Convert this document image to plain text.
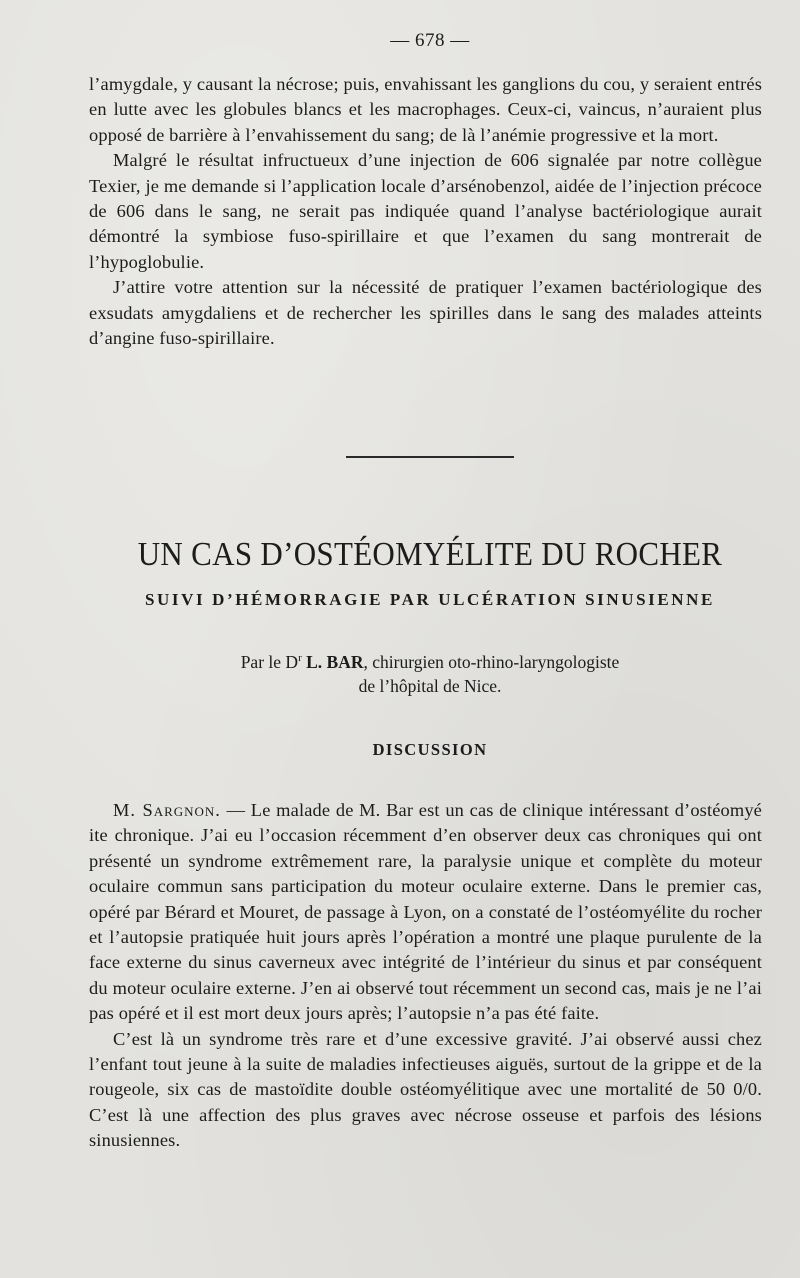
— 678 —

l’amygdale, y causant la nécrose; puis, envahissant les ganglions du cou, y seraient entrés en lutte avec les globules blancs et les macrophages. Ceux-ci, vaincus, n’auraient plus opposé de barrière à l’envahissement du sang; de là l’anémie progressive et la mort.

Malgré le résultat infructueux d’une injection de 606 signalée par notre collègue Texier, je me demande si l’application locale d’arsénobenzol, aidée de l’injection précoce de 606 dans le sang, ne serait pas indiquée quand l’analyse bactériologique aurait démontré la symbiose fuso-spirillaire et que l’examen du sang montrerait de l’hypoglobulie.

J’attire votre attention sur la nécessité de pratiquer l’examen bactériologique des exsudats amygdaliens et de rechercher les spirilles dans le sang des malades atteints d’angine fuso-spirillaire.

UN CAS D’OSTÉOMYÉLITE DU ROCHER
SUIVI D’HÉMORRAGIE PAR ULCÉRATION SINUSIENNE
Par le $D^r$ L. BAR, chirurgien oto-rhino-laryngologiste
de l’hôpital de Nice.
DISCUSSION

M. Sargnon. — Le malade de M. Bar est un cas de clinique intéressant d’ostéomyé ite chronique. J’ai eu l’occasion récemment d’en observer deux cas chroniques qui ont présenté un syndrome extrêmement rare, la paralysie unique et complète du moteur oculaire commun sans participation du moteur oculaire externe. Dans le premier cas, opéré par Bérard et Mouret, de passage à Lyon, on a constaté de l’ostéomyélite du rocher et l’autopsie pratiquée huit jours après l’opération a montré une plaque purulente de la face externe du sinus caverneux avec intégrité de l’intérieur du sinus et par conséquent du moteur oculaire externe. J’en ai observé tout récemment un second cas, mais je ne l’ai pas opéré et il est mort deux jours après; l’autopsie n’a pas été faite.

C’est là un syndrome très rare et d’une excessive gravité. J’ai observé aussi chez l’enfant tout jeune à la suite de maladies infectieuses aiguës, surtout de la grippe et de la rougeole, six cas de mastoïdite double ostéomyélitique avec une mortalité de 50 0/0. C’est là une affection des plus graves avec nécrose osseuse et parfois des lésions sinusiennes.
